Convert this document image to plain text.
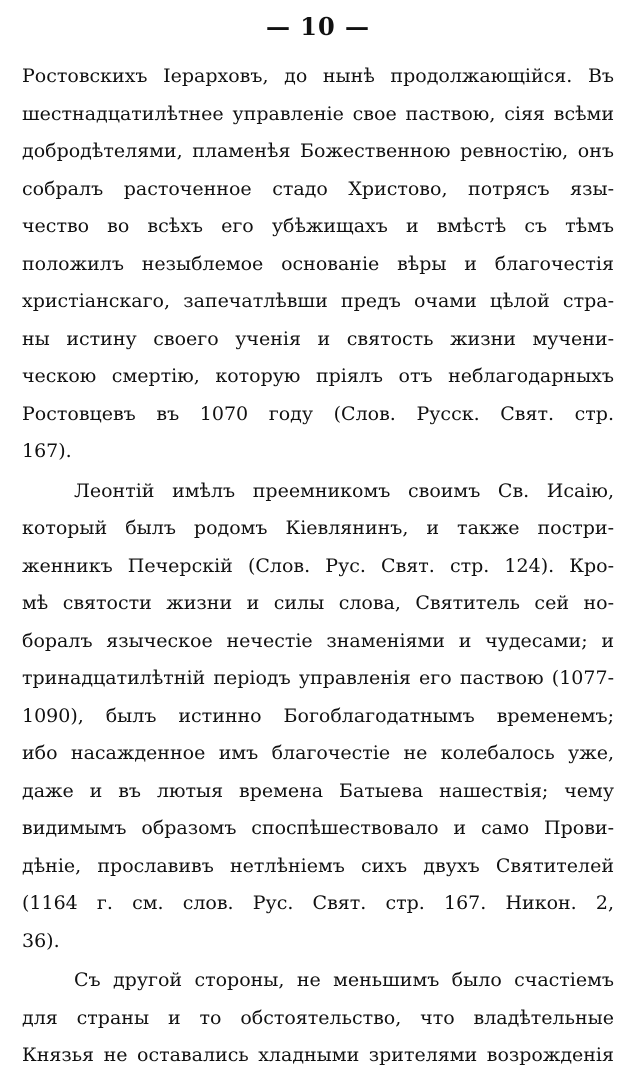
— 10 —

Ростовскихъ Іерарховъ, до нынѣ продолжающійся. Въ
шестнадцатилѣтнее управленіе свое паствою, сіяя всѣми
добродѣтелями, пламенѣя Божественною ревностію, онъ
собралъ расточенное стадо Христово, потрясъ язы-
чество во всѣхъ его убѣжищахъ и вмѣстѣ съ тѣмъ
положилъ незыблемое основаніе вѣры и благочестія
христіанскаго, запечатлѣвши предъ очами цѣлой стра-
ны истину своего ученія и святость жизни мучени-
ческою смертію, которую пріялъ отъ неблагодарныхъ
Ростовцевъ въ 1070 году (Слов. Русск. Свят. стр.
167).

Леонтій имѣлъ преемникомъ своимъ Св. Исаію,
который былъ родомъ Кіевлянинъ, и также постри-
женникъ Печерскій (Слов. Рус. Свят. стр. 124). Кро-
мѣ святости жизни и силы слова, Святитель сей но-
боралъ языческое нечестіе знаменіями и чудесами; и
тринадцатилѣтній періодъ управленія его паствою (1077-
1090), былъ истинно Богоблагодатнымъ временемъ;
ибо насажденное имъ благочестіе не колебалось уже,
даже и въ лютыя времена Батыева нашествія; чему
видимымъ образомъ споспѣшествовало и само Прови-
дѣніе, прославивъ нетлѣніемъ сихъ двухъ Святителей
(1164 г. см. слов. Рус. Свят. стр. 167. Никон. 2,
36).

Съ другой стороны, не меньшимъ было счастіемъ
для страны и то обстоятельство, что владѣтельные
Князья не оставались хладными зрителями возрожденія
